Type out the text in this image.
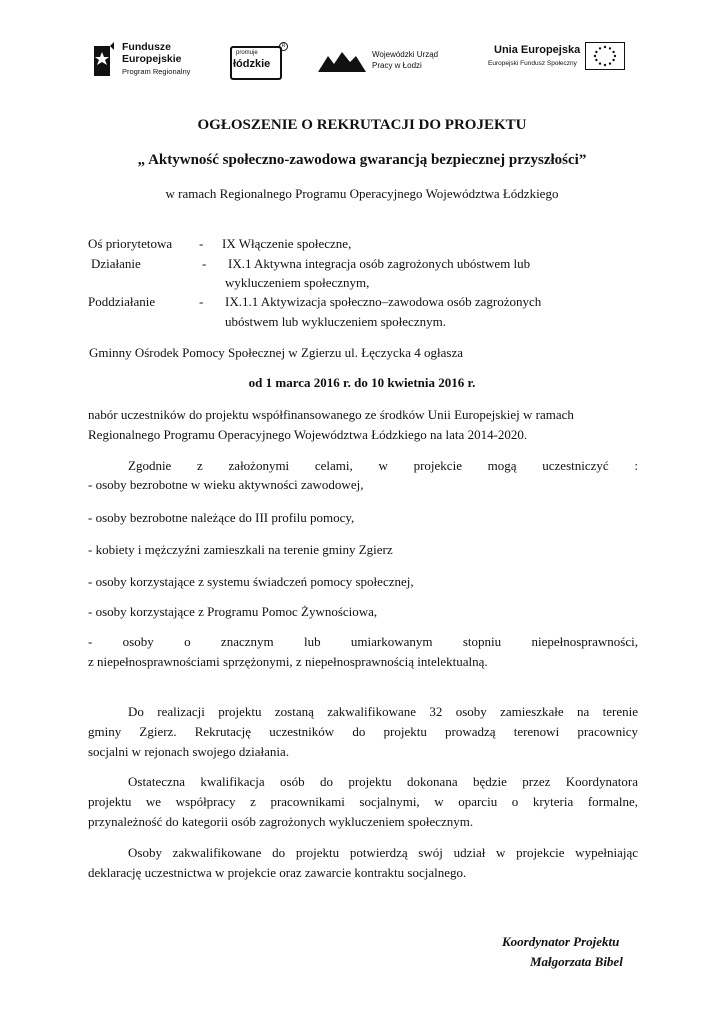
Fundusze
Europejskie
Program Regionalny
promuje
łódzkie
R
Wojewódzki Urząd
Pracy w Łodzi
Unia Europejska
Europejski Fundusz Społeczny

OGŁOSZENIE O REKRUTACJI DO PROJEKTU

„ Aktywność społeczno-zawodowa gwarancją bezpiecznej przyszłości”

w ramach Regionalnego Programu Operacyjnego Województwa Łódzkiego

Oś priorytetowa - IX Włączenie społeczne,

Działanie	- IX.1 Aktywna integracja osób zagrożonych ubóstwem lub

wykluczeniem społecznym,

Poddziałanie	- IX.1.1 Aktywizacja społeczno–zawodowa osób zagrożonych

ubóstwem lub wykluczeniem społecznym.

Gminny Ośrodek Pomocy Społecznej w Zgierzu ul. Łęczycka 4 ogłasza

od 1 marca 2016 r. do 10 kwietnia 2016 r.

nabór uczestników do projektu współfinansowanego ze środków Unii Europejskiej w ramach

Regionalnego Programu Operacyjnego Województwa Łódzkiego na lata 2014-2020.

Zgodnie z założonymi celami, w projekcie mogą uczestniczyć :

- osoby bezrobotne w wieku aktywności zawodowej,

- osoby bezrobotne należące do III profilu pomocy,

- kobiety i mężczyźni zamieszkali na terenie gminy Zgierz

- osoby korzystające z systemu świadczeń pomocy społecznej,

- osoby korzystające z Programu Pomoc Żywnościowa,

- osoby o znacznym lub umiarkowanym stopniu niepełnosprawności,

z niepełnosprawnościami sprzężonymi, z niepełnosprawnością intelektualną.

Do realizacji projektu zostaną zakwalifikowane 32 osoby zamieszkałe na terenie

gminy Zgierz. Rekrutację uczestników do projektu prowadzą terenowi pracownicy

socjalni w rejonach swojego działania.

Ostateczna kwalifikacja osób do projektu dokonana będzie przez Koordynatora

projektu we współpracy z pracownikami socjalnymi, w oparciu o kryteria formalne,

przynależność do kategorii osób zagrożonych wykluczeniem społecznym.

Osoby zakwalifikowane do projektu potwierdzą swój udział w projekcie wypełniając

deklarację uczestnictwa w projekcie oraz zawarcie kontraktu socjalnego.

Koordynator Projektu
Małgorzata Bibel
